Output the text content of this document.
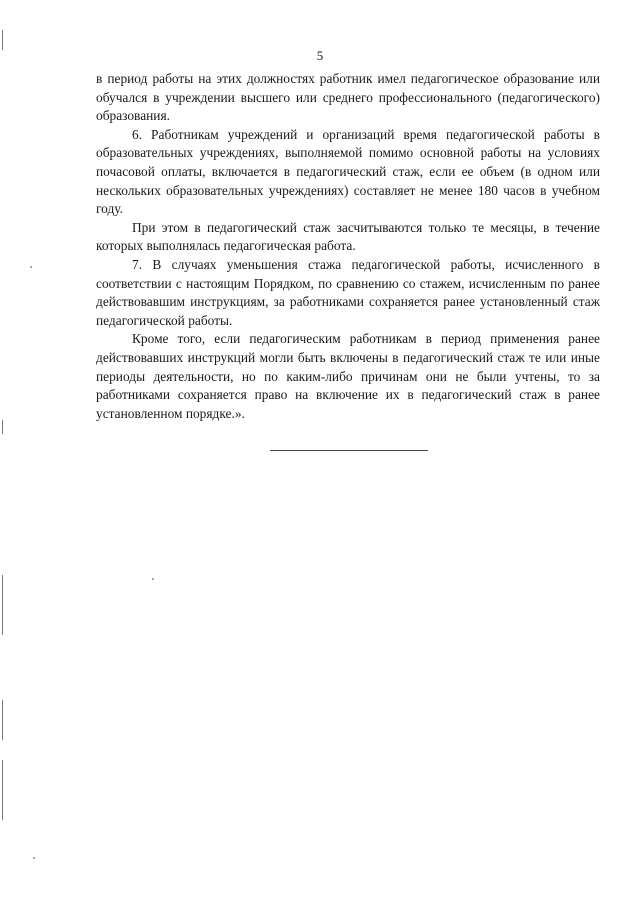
5

в период работы на этих должностях работник имел педагогическое образование или обучался в учреждении высшего или среднего профессионального (педагогического) образования.

6. Работникам учреждений и организаций время педагогической работы в образовательных учреждениях, выполняемой помимо основной работы на условиях почасовой оплаты, включается в педагогический стаж, если ее объем (в одном или нескольких образовательных учреждениях) составляет не менее 180 часов в учебном году.

При этом в педагогический стаж засчитываются только те месяцы, в течение которых выполнялась педагогическая работа.

7. В случаях уменьшения стажа педагогической работы, исчисленного в соответствии с настоящим Порядком, по сравнению со стажем, исчисленным по ранее действовавшим инструкциям, за работниками сохраняется ранее установленный стаж педагогической работы.

Кроме того, если педагогическим работникам в период применения ранее действовавших инструкций могли быть включены в педагогический стаж те или иные периоды деятельности, но по каким-либо причинам они не были учтены, то за работниками сохраняется право на включение их в педагогический стаж в ранее установленном порядке.».
